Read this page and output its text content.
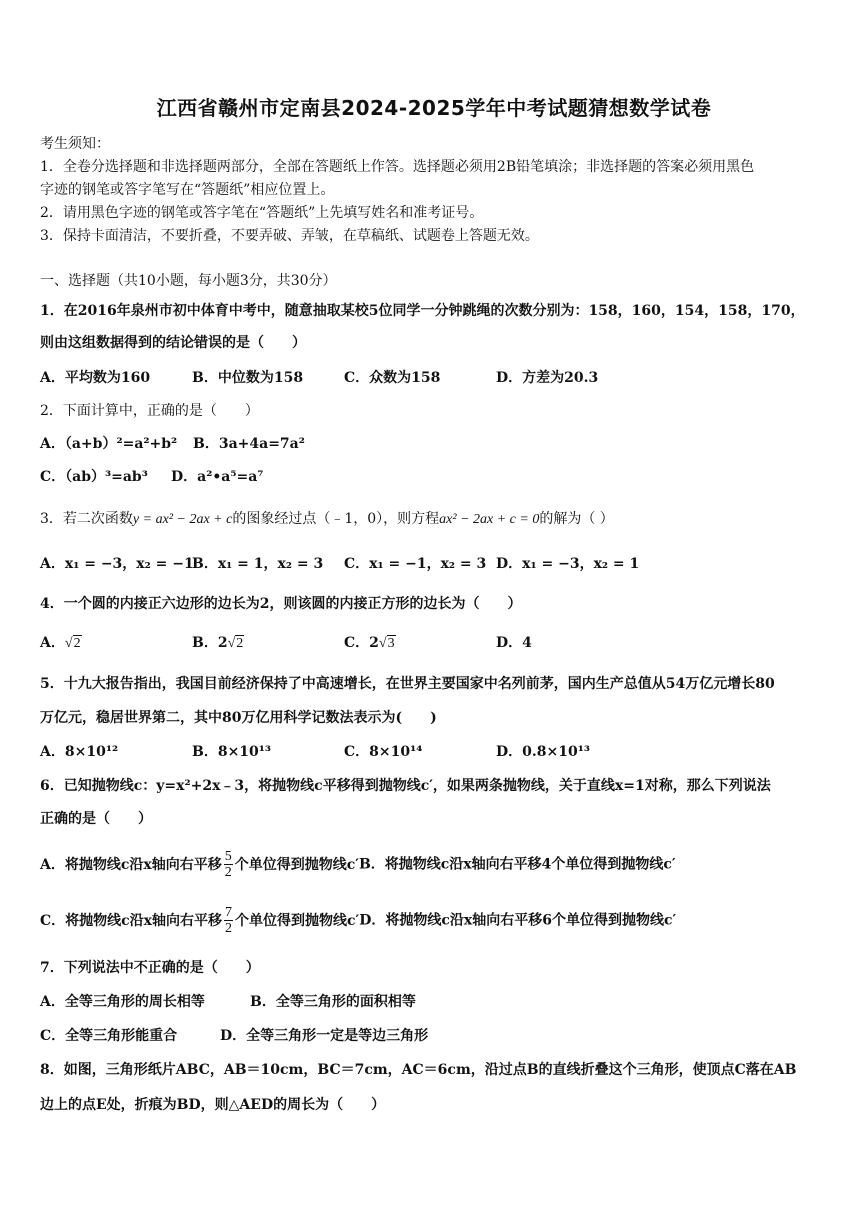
江西省赣州市定南县2024-2025学年中考试题猜想数学试卷
考生须知：
1．全卷分选择题和非选择题两部分，全部在答题纸上作答。选择题必须用2B铅笔填涂；非选择题的答案必须用黑色
字迹的钢笔或答字笔写在“答题纸”相应位置上。
2．请用黑色字迹的钢笔或答字笔在“答题纸”上先填写姓名和准考证号。
3．保持卡面清洁，不要折叠，不要弄破、弄皱，在草稿纸、试题卷上答题无效。
一、选择题（共10小题，每小题3分，共30分）
1．在2016年泉州市初中体育中考中，随意抽取某校5位同学一分钟跳绳的次数分别为：158，160，154，158，170，
则由这组数据得到的结论错误的是（　　）
A．平均数为160	B．中位数为158	C．众数为158	D．方差为20.3
2．下面计算中，正确的是（　　）
A．（a+b）²=a²+b² B．3a+4a=7a²
C．（ab）³=ab³ D．a²•a⁵=a⁷
3．若二次函数y = ax² − 2ax + c的图象经过点（﹣1，0），则方程ax² − 2ax + c = 0的解为（ ）
A．x₁ = −3，x₂ = −1
B．x₁ = 1，x₂ = 3 C．x₁ = −1，x₂ = 3 D．x₁ = −3，x₂ = 1
4．一个圆的内接正六边形的边长为2，则该圆的内接正方形的边长为（　　）
A．√2	B．2√2	C．2√3	D．4
5．十九大报告指出，我国目前经济保持了中高速增长，在世界主要国家中名列前茅，国内生产总值从54万亿元增长80
万亿元，稳居世界第二，其中80万亿用科学记数法表示为(　　)
A．8×10¹²	B．8×10¹³	C．8×10¹⁴	D．0.8×10¹³
6．已知抛物线c：y=x²+2x﹣3，将抛物线c平移得到抛物线c′，如果两条抛物线，关于直线x=1对称，那么下列说法
正确的是（　　）
A．将抛物线c沿x轴向右平移 $\frac{5}{2}$ 个单位得到抛物线c′B．将抛物线c沿x轴向右平移4个单位得到抛物线c′
C．将抛物线c沿x轴向右平移 $\frac{7}{2}$ 个单位得到抛物线c′D．将抛物线c沿x轴向右平移6个单位得到抛物线c′
7．下列说法中不正确的是（　　）
A．全等三角形的周长相等	B．全等三角形的面积相等
C．全等三角形能重合	D．全等三角形一定是等边三角形
8．如图，三角形纸片ABC，AB＝10cm，BC＝7cm，AC＝6cm，沿过点B的直线折叠这个三角形，使顶点C落在AB
边上的点E处，折痕为BD，则△AED的周长为（　　）
